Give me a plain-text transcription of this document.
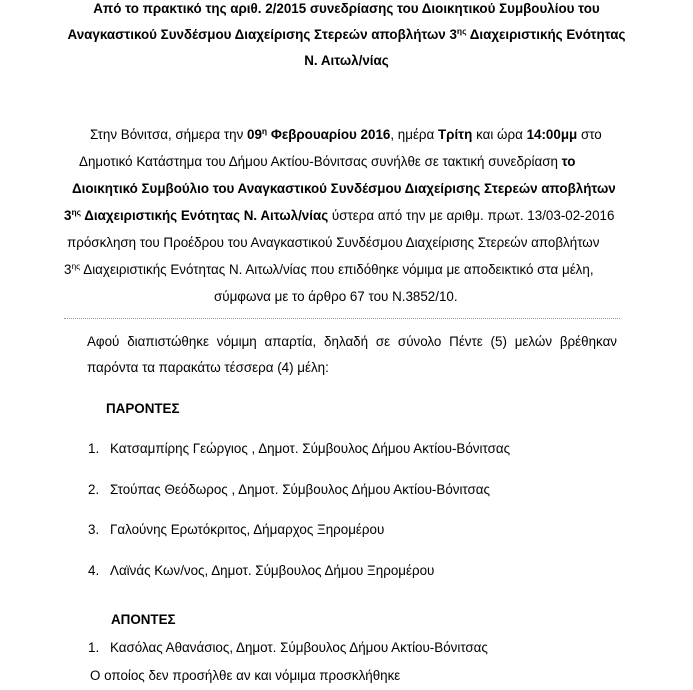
Από το πρακτικό της αριθ. 2/2015 συνεδρίασης του Διοικητικού Συμβουλίου του
Αναγκαστικού Συνδέσμου Διαχείρισης Στερεών αποβλήτων $3^{\eta\varsigma}$ Διαχειριστικής Ενότητας
Ν. Αιτωλ/νίας
Στην Βόνιτσα, σήμερα την $09^\eta$ Φεβρουαρίου 2016, ημέρα Τρίτη και ώρα 14:00μμ στο
Δημοτικό Κατάστημα του Δήμου Ακτίου-Βόνιτσας συνήλθε σε τακτική συνεδρίαση το
Διοικητικό Συμβούλιο του Αναγκαστικού Συνδέσμου Διαχείρισης Στερεών αποβλήτων
$3^{\eta\varsigma}$ Διαχειριστικής Ενότητας Ν. Αιτωλ/νίας ύστερα από την με αριθμ. πρωτ. 13/03-02-2016
πρόσκληση του Προέδρου του Αναγκαστικού Συνδέσμου Διαχείρισης Στερεών αποβλήτων
$3^{\eta\varsigma}$ Διαχειριστικής Ενότητας Ν. Αιτωλ/νίας που επιδόθηκε νόμιμα με αποδεικτικό στα μέλη,
σύμφωνα με το άρθρο 67 του Ν.3852/10.
Αφού διαπιστώθηκε νόμιμη απαρτία, δηλαδή σε σύνολο Πέντε (5) μελών βρέθηκαν
παρόντα τα παρακάτω τέσσερα (4) μέλη:
ΠΑΡΟΝΤΕΣ
1. Κατσαμπίρης Γεώργιος , Δημοτ. Σύμβουλος Δήμου Ακτίου-Βόνιτσας
2. Στούπας Θεόδωρος , Δημοτ. Σύμβουλος Δήμου Ακτίου-Βόνιτσας
3. Γαλούνης Ερωτόκριτος, Δήμαρχος Ξηρομέρου
4. Λαϊνάς Κων/νος, Δημοτ. Σύμβουλος Δήμου Ξηρομέρου
ΑΠΟΝΤΕΣ
1. Κασόλας Αθανάσιος, Δημοτ. Σύμβουλος Δήμου Ακτίου-Βόνιτσας
Ο οποίος δεν προσήλθε αν και νόμιμα προσκλήθηκε
